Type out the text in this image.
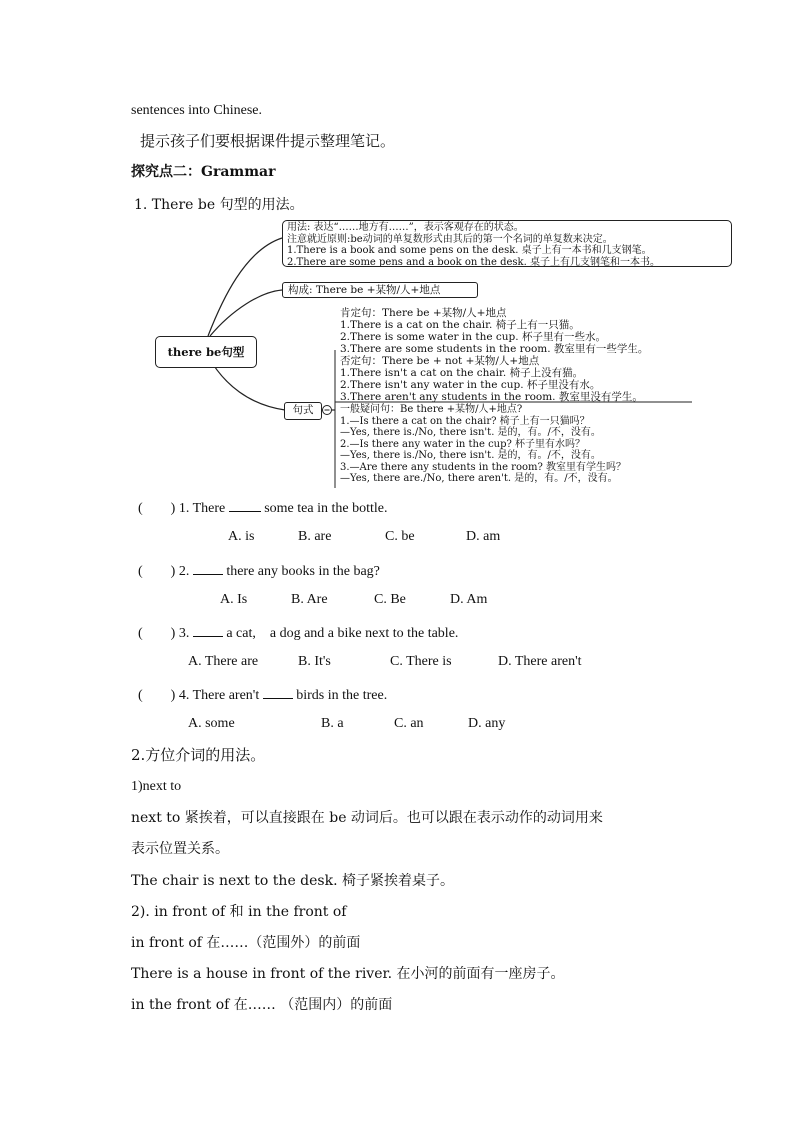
sentences into Chinese.
提示孩子们要根据课件提示整理笔记。
探究点二：Grammar
1. There be 句型的用法。
there be句型
用法: 表达“……地方有……”，表示客观存在的状态。
注意就近原则:be动词的单复数形式由其后的第一个名词的单复数来决定。
1.There is a book and some pens on the desk. 桌子上有一本书和几支钢笔。
2.There are some pens and a book on the desk. 桌子上有几支钢笔和一本书。
构成: There be +某物/人+地点
肯定句：There be +某物/人+地点
1.There is a cat on the chair. 椅子上有一只猫。
2.There is some water in the cup. 杯子里有一些水。
3.There are some students in the room. 教室里有一些学生。
句式
否定句：There be + not +某物/人+地点
1.There isn't a cat on the chair. 椅子上没有猫。
2.There isn't any water in the cup. 杯子里没有水。
3.There aren't any students in the room. 教室里没有学生。
一般疑问句：Be there +某物/人+地点?
1.—Is there a cat on the chair? 椅子上有一只猫吗？
—Yes, there is./No, there isn't. 是的，有。/不，没有。
2.—Is there any water in the cup? 杯子里有水吗？
—Yes, there is./No, there isn't. 是的，有。/不，没有。
3.—Are there any students in the room? 教室里有学生吗？
—Yes, there are./No, there aren't. 是的，有。/不，没有。
(        ) 1. There	some tea in the bottle.
A. is	B. are	C. be	D. am
(        ) 2.	there any books in the bag?
A. Is	B. Are	C. Be	D. Am
(        ) 3.	a cat,    a dog and a bike next to the table.
A. There are	B. It's	C. There is	D. There aren't
(        ) 4. There aren't	birds in the tree.
A. some	B. a	C. an	D. any
2.方位介词的用法。
1)next to
next to 紧挨着，可以直接跟在 be 动词后。也可以跟在表示动作的动词用来
表示位置关系。
The chair is next to the desk. 椅子紧挨着桌子。
2). in front of 和 in the front of
in front of 在……（范围外）的前面
There is a house in front of the river. 在小河的前面有一座房子。
in the front of 在…… （范围内）的前面
